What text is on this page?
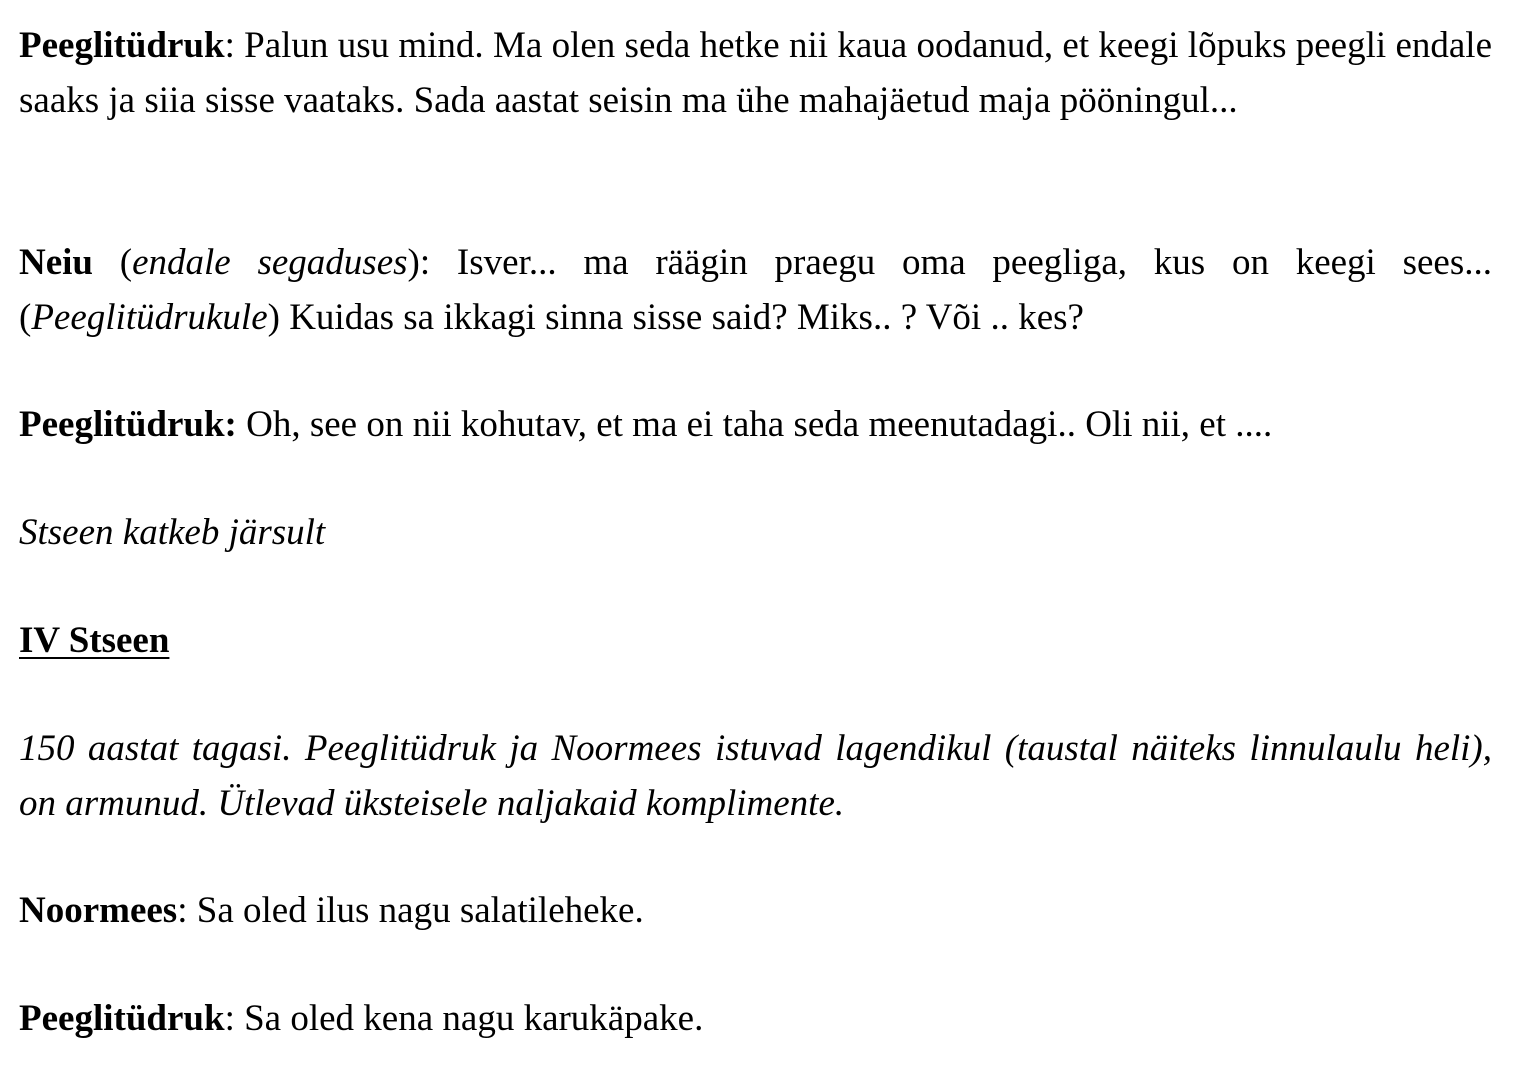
Peeglitüdruk: Palun usu mind. Ma olen seda hetke nii kaua oodanud, et keegi lõpuks peegli endale saaks ja siia sisse vaataks. Sada aastat seisin ma ühe mahajäetud maja pööningul...

Neiu (endale segaduses): Isver... ma räägin praegu oma peegliga, kus on keegi sees... (Peeglitüdrukule) Kuidas sa ikkagi sinna sisse said? Miks.. ? Või .. kes?

Peeglitüdruk: Oh, see on nii kohutav, et ma ei taha seda meenutadagi.. Oli nii, et ....

Stseen katkeb järsult

IV Stseen

150 aastat tagasi. Peeglitüdruk ja Noormees istuvad lagendikul (taustal näiteks linnulaulu heli), on armunud. Ütlevad üksteisele naljakaid komplimente.

Noormees: Sa oled ilus nagu salatileheke.

Peeglitüdruk: Sa oled kena nagu karukäpake.
